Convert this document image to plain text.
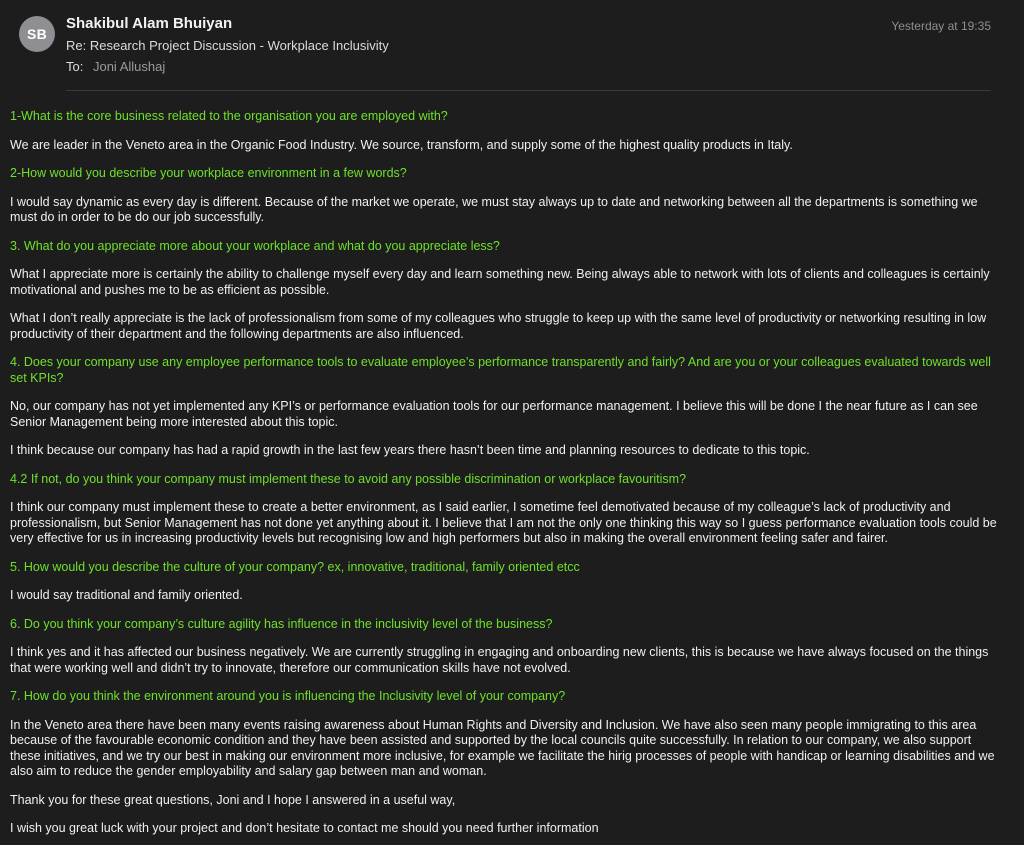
SB
Shakibul Alam Bhuiyan
Re: Research Project Discussion - Workplace Inclusivity
To: Joni Allushaj
Yesterday at 19:35

1-What is the core business related to the organisation you are employed with?

We are leader in the Veneto area in the Organic Food Industry. We source, transform, and supply some of the highest quality products in Italy.

2-How would you describe your workplace environment in a few words?

I would say dynamic as every day is different. Because of the market we operate, we must stay always up to date and networking between all the departments is something we must do in order to be do our job successfully.

3. What do you appreciate more about your workplace and what do you appreciate less?

What I appreciate more is certainly the ability to challenge myself every day and learn something new. Being always able to network with lots of clients and colleagues is certainly motivational and pushes me to be as efficient as possible.

What I don’t really appreciate is the lack of professionalism from some of my colleagues who struggle to keep up with the same level of productivity or networking resulting in low productivity of their department and the following departments are also influenced.

4. Does your company use any employee performance tools to evaluate employee’s performance transparently and fairly? And are you or your colleagues evaluated towards well set KPIs?

No, our company has not yet implemented any KPI’s or performance evaluation tools for our performance management. I believe this will be done I the near future as I can see Senior Management being more interested about this topic.

I think because our company has had a rapid growth in the last few years there hasn’t been time and planning resources to dedicate to this topic.

4.2 If not, do you think your company must implement these to avoid any possible discrimination or workplace favouritism?

I think our company must implement these to create a better environment, as I said earlier, I sometime feel demotivated because of my colleague’s lack of productivity and professionalism, but Senior Management has not done yet anything about it. I believe that I am not the only one thinking this way so I guess performance evaluation tools could be very effective for us in increasing productivity levels but recognising low and high performers but also in making the overall environment feeling safer and fairer.

5. How would you describe the culture of your company? ex, innovative, traditional, family oriented etcc

I would say traditional and family oriented.

6. Do you think your company’s culture agility has influence in the inclusivity level of the business?

I think yes and it has affected our business negatively. We are currently struggling in engaging and onboarding new clients, this is because we have always focused on the things that were working well and didn’t try to innovate, therefore our communication skills have not evolved.

7. How do you think the environment around you is influencing the Inclusivity level of your company?

In the Veneto area there have been many events raising awareness about Human Rights and Diversity and Inclusion. We have also seen many people immigrating to this area because of the favourable economic condition and they have been assisted and supported by the local councils quite successfully. In relation to our company, we also support these initiatives, and we try our best in making our environment more inclusive, for example we facilitate the hirig processes of people with handicap or learning disabilities and we also aim to reduce the gender employability and salary gap between man and woman.

Thank you for these great questions, Joni and I hope I answered in a useful way,

I wish you great luck with your project and don’t hesitate to contact me should you need further information
